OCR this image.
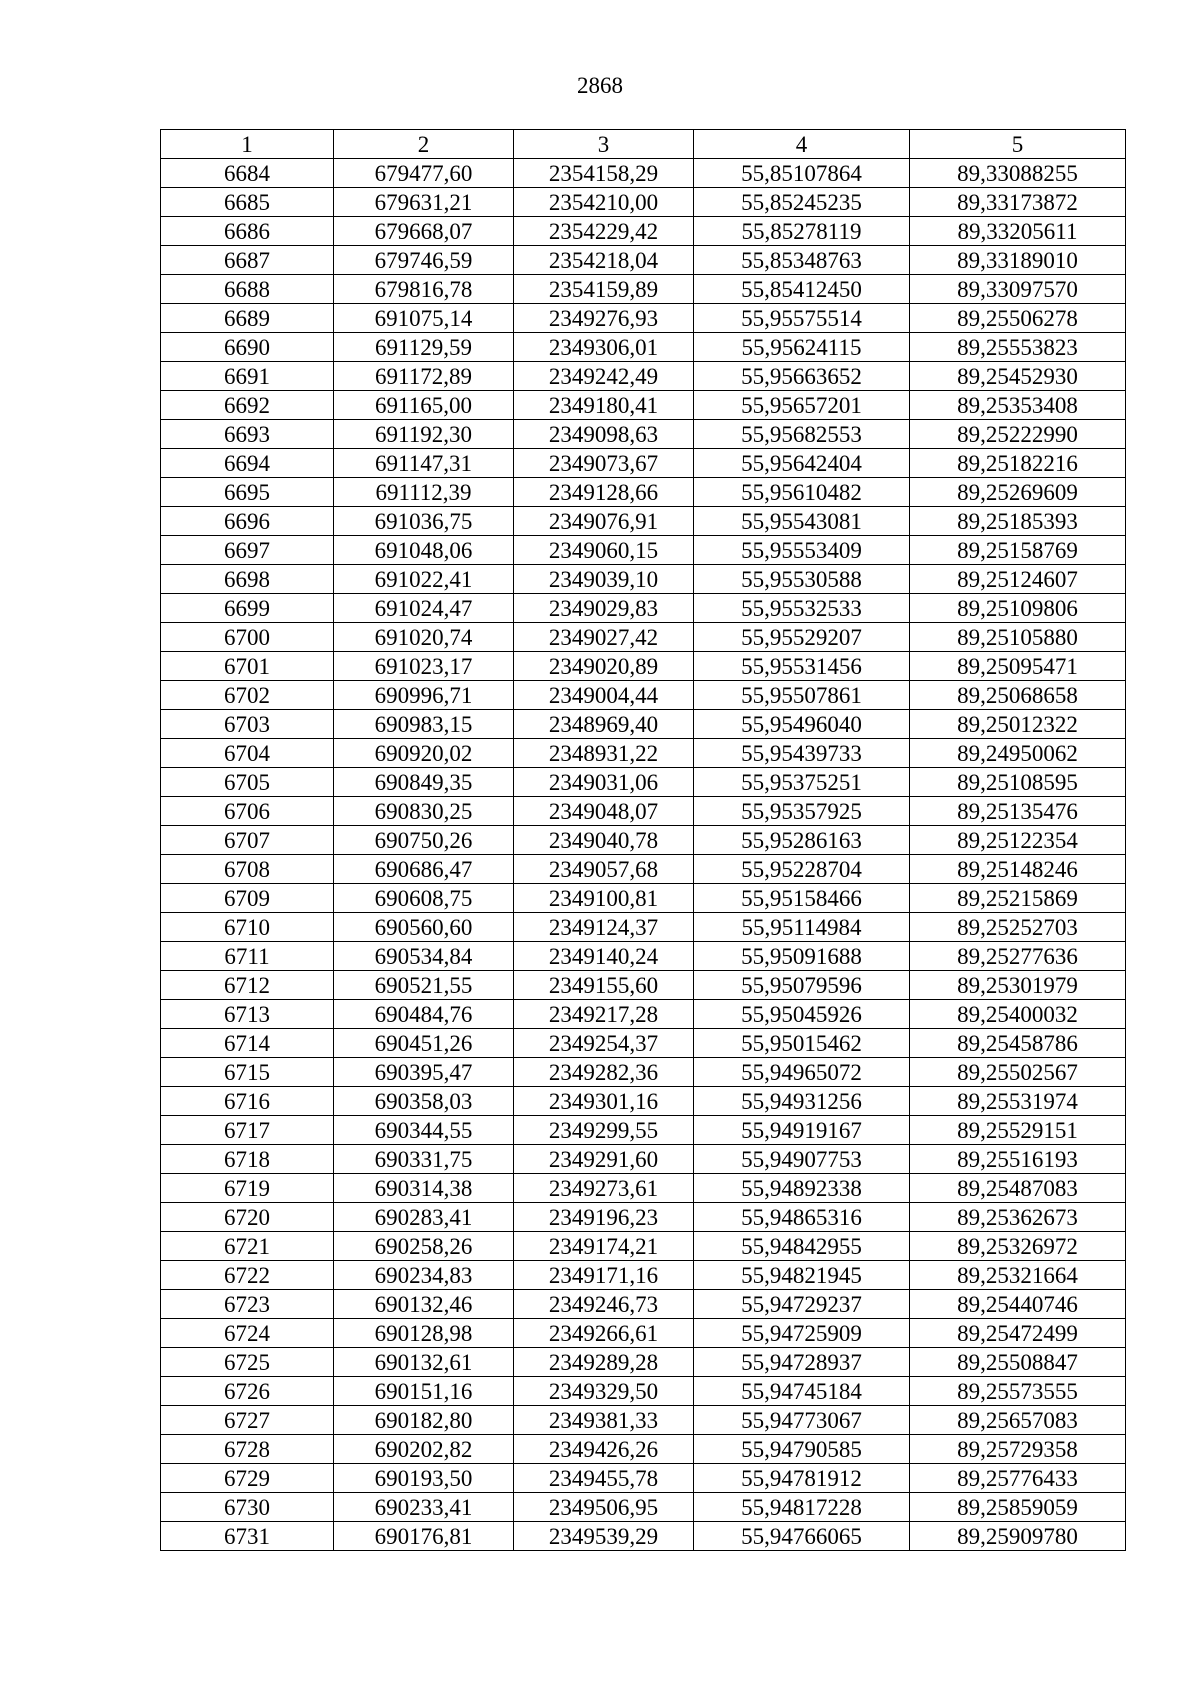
2868
1	2	3	4	5
6684	679477,60	2354158,29	55,85107864	89,33088255
6685	679631,21	2354210,00	55,85245235	89,33173872
6686	679668,07	2354229,42	55,85278119	89,33205611
6687	679746,59	2354218,04	55,85348763	89,33189010
6688	679816,78	2354159,89	55,85412450	89,33097570
6689	691075,14	2349276,93	55,95575514	89,25506278
6690	691129,59	2349306,01	55,95624115	89,25553823
6691	691172,89	2349242,49	55,95663652	89,25452930
6692	691165,00	2349180,41	55,95657201	89,25353408
6693	691192,30	2349098,63	55,95682553	89,25222990
6694	691147,31	2349073,67	55,95642404	89,25182216
6695	691112,39	2349128,66	55,95610482	89,25269609
6696	691036,75	2349076,91	55,95543081	89,25185393
6697	691048,06	2349060,15	55,95553409	89,25158769
6698	691022,41	2349039,10	55,95530588	89,25124607
6699	691024,47	2349029,83	55,95532533	89,25109806
6700	691020,74	2349027,42	55,95529207	89,25105880
6701	691023,17	2349020,89	55,95531456	89,25095471
6702	690996,71	2349004,44	55,95507861	89,25068658
6703	690983,15	2348969,40	55,95496040	89,25012322
6704	690920,02	2348931,22	55,95439733	89,24950062
6705	690849,35	2349031,06	55,95375251	89,25108595
6706	690830,25	2349048,07	55,95357925	89,25135476
6707	690750,26	2349040,78	55,95286163	89,25122354
6708	690686,47	2349057,68	55,95228704	89,25148246
6709	690608,75	2349100,81	55,95158466	89,25215869
6710	690560,60	2349124,37	55,95114984	89,25252703
6711	690534,84	2349140,24	55,95091688	89,25277636
6712	690521,55	2349155,60	55,95079596	89,25301979
6713	690484,76	2349217,28	55,95045926	89,25400032
6714	690451,26	2349254,37	55,95015462	89,25458786
6715	690395,47	2349282,36	55,94965072	89,25502567
6716	690358,03	2349301,16	55,94931256	89,25531974
6717	690344,55	2349299,55	55,94919167	89,25529151
6718	690331,75	2349291,60	55,94907753	89,25516193
6719	690314,38	2349273,61	55,94892338	89,25487083
6720	690283,41	2349196,23	55,94865316	89,25362673
6721	690258,26	2349174,21	55,94842955	89,25326972
6722	690234,83	2349171,16	55,94821945	89,25321664
6723	690132,46	2349246,73	55,94729237	89,25440746
6724	690128,98	2349266,61	55,94725909	89,25472499
6725	690132,61	2349289,28	55,94728937	89,25508847
6726	690151,16	2349329,50	55,94745184	89,25573555
6727	690182,80	2349381,33	55,94773067	89,25657083
6728	690202,82	2349426,26	55,94790585	89,25729358
6729	690193,50	2349455,78	55,94781912	89,25776433
6730	690233,41	2349506,95	55,94817228	89,25859059
6731	690176,81	2349539,29	55,94766065	89,25909780
